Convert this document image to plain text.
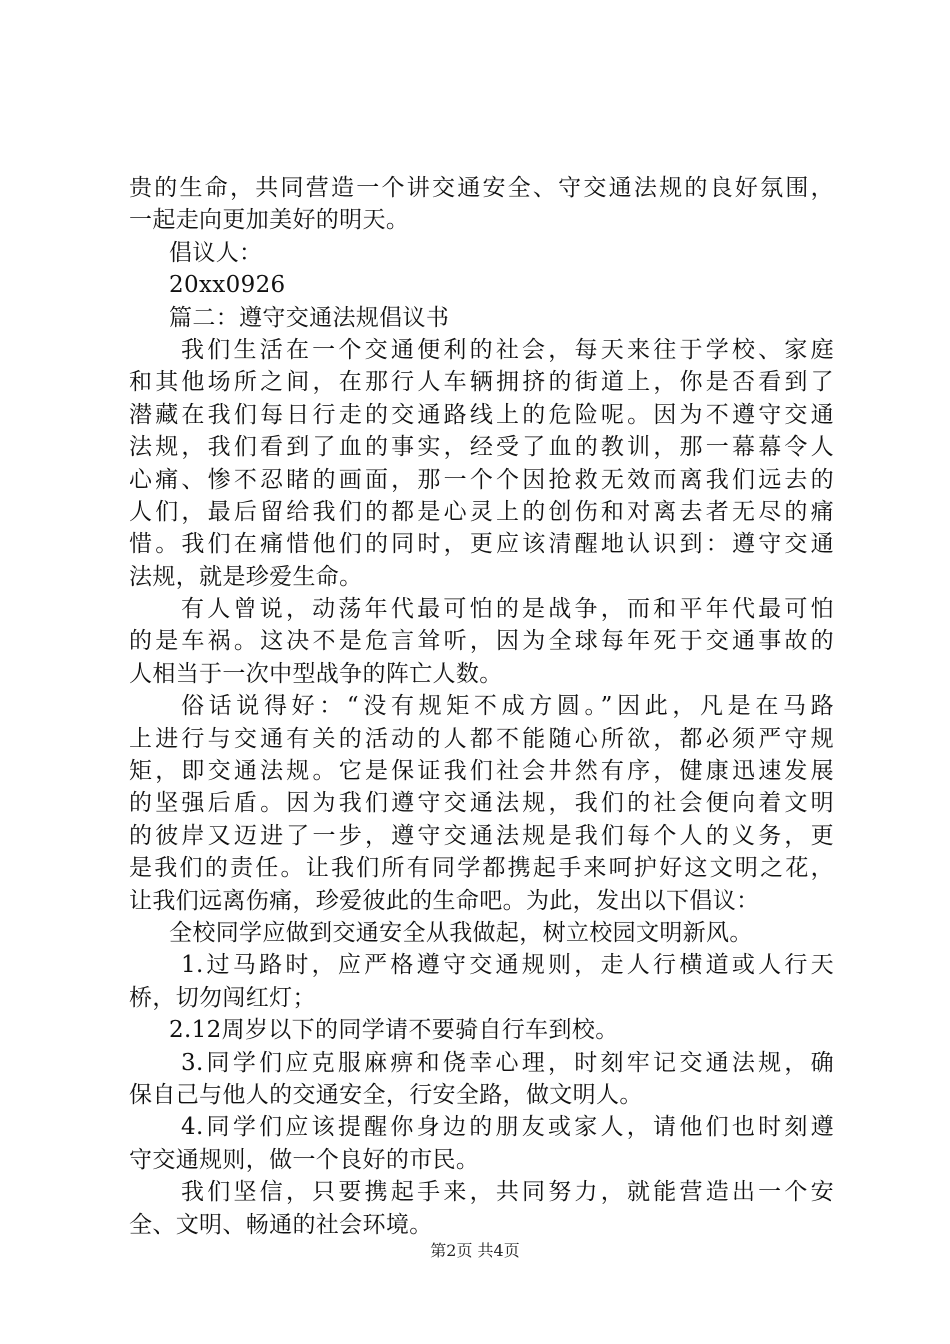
贵的生命，共同营造一个讲交通安全、守交通法规的良好氛围，
一起走向更加美好的明天。
倡议人：
20xx0926
篇二：遵守交通法规倡议书
我们生活在一个交通便利的社会，每天来往于学校、家庭
和其他场所之间，在那行人车辆拥挤的街道上，你是否看到了
潜藏在我们每日行走的交通路线上的危险呢。因为不遵守交通
法规，我们看到了血的事实，经受了血的教训，那一幕幕令人
心痛、惨不忍睹的画面，那一个个因抢救无效而离我们远去的
人们，最后留给我们的都是心灵上的创伤和对离去者无尽的痛
惜。我们在痛惜他们的同时，更应该清醒地认识到：遵守交通
法规，就是珍爱生命。
有人曾说，动荡年代最可怕的是战争，而和平年代最可怕
的是车祸。这决不是危言耸听，因为全球每年死于交通事故的
人相当于一次中型战争的阵亡人数。
俗话说得好：“没有规矩不成方圆。”因此，凡是在马路
上进行与交通有关的活动的人都不能随心所欲，都必须严守规
矩，即交通法规。它是保证我们社会井然有序，健康迅速发展
的坚强后盾。因为我们遵守交通法规，我们的社会便向着文明
的彼岸又迈进了一步，遵守交通法规是我们每个人的义务，更
是我们的责任。让我们所有同学都携起手来呵护好这文明之花，
让我们远离伤痛，珍爱彼此的生命吧。为此，发出以下倡议：
全校同学应做到交通安全从我做起，树立校园文明新风。
1.过马路时，应严格遵守交通规则，走人行横道或人行天
桥，切勿闯红灯；
2.12周岁以下的同学请不要骑自行车到校。
3.同学们应克服麻痹和侥幸心理，时刻牢记交通法规，确
保自己与他人的交通安全，行安全路，做文明人。
4.同学们应该提醒你身边的朋友或家人，请他们也时刻遵
守交通规则，做一个良好的市民。
我们坚信，只要携起手来，共同努力，就能营造出一个安
全、文明、畅通的社会环境。
第2页 共4页
